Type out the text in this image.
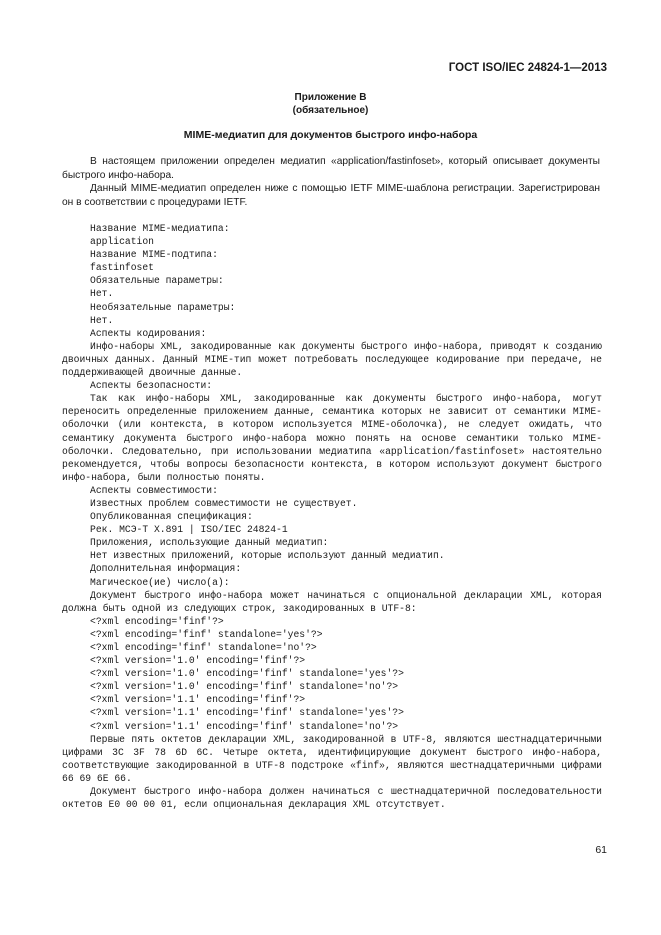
ГОСТ ISO/IEC 24824-1—2013
Приложение В
(обязательное)
MIME-медиатип для документов быстрого инфо-набора

В настоящем приложении определен медиатип «application/fastinfoset», который описывает документы быстрого инфо-набора.

Данный MIME-медиатип определен ниже с помощью IETF MIME-шаблона регистрации. Зарегистрирован он в соответствии с процедурами IETF.

Название MIME-медиатипа:
application
Название MIME-подтипа:
fastinfoset
Обязательные параметры:
Нет.
Необязательные параметры:
Нет.
Аспекты кодирования:
Инфо-наборы XML, закодированные как документы быстрого инфо-набора, приводят к созданию двоичных данных. Данный MIME-тип может потребовать последующее кодирование при передаче, не поддерживающей двоичные данные.
Аспекты безопасности:
Так как инфо-наборы XML, закодированные как документы быстрого инфо-набора, могут переносить определенные приложением данные, семантика которых не зависит от семантики MIME-оболочки (или контекста, в котором используется MIME-оболочка), не следует ожидать, что семантику документа быстрого инфо-набора можно понять на основе семантики только MIME-оболочки. Следовательно, при использовании медиатипа «application/fastinfoset» настоятельно рекомендуется, чтобы вопросы безопасности контекста, в котором используют документ быстрого инфо-набора, были полностью поняты.
Аспекты совместимости:
Известных проблем совместимости не существует.
Опубликованная спецификация:
Рек. МСЭ-Т X.891 | ISO/IEC 24824-1
Приложения, использующие данный медиатип:
Нет известных приложений, которые используют данный медиатип.
Дополнительная информация:
Магическое(ие) число(а):
Документ быстрого инфо-набора может начинаться с опциональной декларации XML, которая должна быть одной из следующих строк, закодированных в UTF-8:
<?xml encoding='finf'?>
<?xml encoding='finf' standalone='yes'?>
<?xml encoding='finf' standalone='no'?>
<?xml version='1.0' encoding='finf'?>
<?xml version='1.0' encoding='finf' standalone='yes'?>
<?xml version='1.0' encoding='finf' standalone='no'?>
<?xml version='1.1' encoding='finf'?>
<?xml version='1.1' encoding='finf' standalone='yes'?>
<?xml version='1.1' encoding='finf' standalone='no'?>
Первые пять октетов декларации XML, закодированной в UTF-8, являются шестнадцатеричными цифрами 3C 3F 78 6D 6C. Четыре октета, идентифицирующие документ быстрого инфо-набора, соответствующие закодированной в UTF-8 подстроке «finf», являются шестнадцатеричными цифрами 66 69 6E 66.
Документ быстрого инфо-набора должен начинаться с шестнадцатеричной последовательности октетов E0 00 00 01, если опциональная декларация XML отсутствует.
61
